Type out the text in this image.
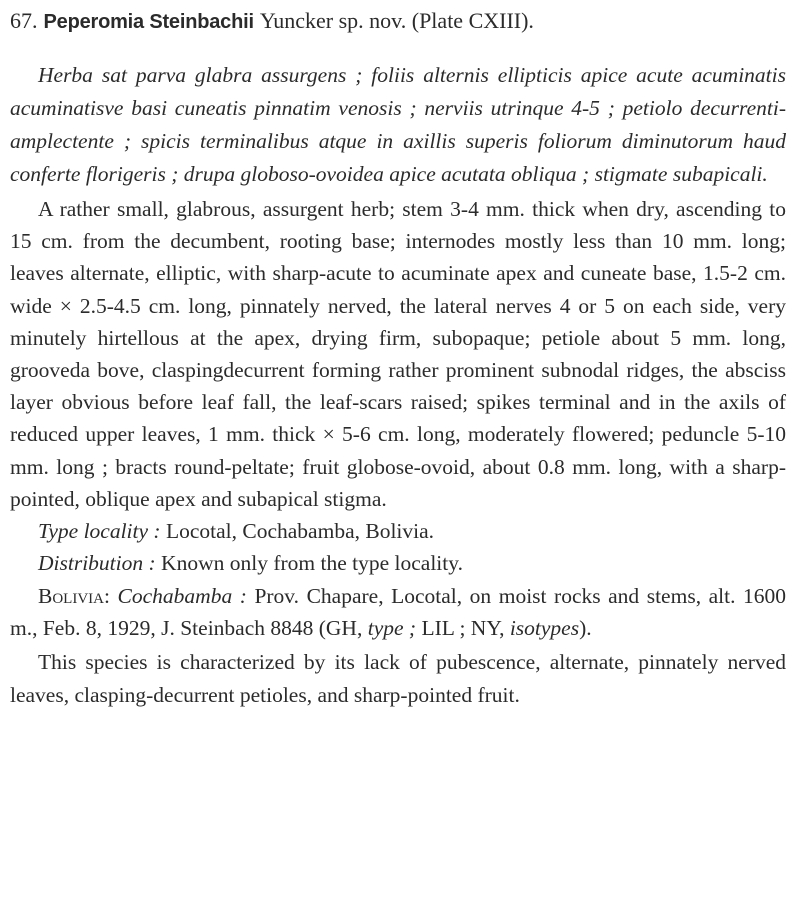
67. Peperomia Steinbachii Yuncker sp. nov. (Plate CXIII).

Herba sat parva glabra assurgens ; foliis alternis ellipticis apice acute acuminatis acuminatisve basi cuneatis pinnatim venosis ; nerviis utrinque 4-5 ; petiolo decurrenti-amplectente ; spicis terminalibus atque in axillis superis foliorum diminutorum haud conferte florigeris ; drupa globoso-ovoidea apice acutata obliqua ; stigmate subapicali.

A rather small, glabrous, assurgent herb; stem 3-4 mm. thick when dry, ascending to 15 cm. from the decumbent, rooting base; internodes mostly less than 10 mm. long; leaves alternate, elliptic, with sharp-acute to acuminate apex and cuneate base, 1.5-2 cm. wide × 2.5-4.5 cm. long, pinnately nerved, the lateral nerves 4 or 5 on each side, very minutely hirtellous at the apex, drying firm, subopaque; petiole about 5 mm. long, grooveda bove, claspingdecurrent forming rather prominent subnodal ridges, the absciss layer obvious before leaf fall, the leaf-scars raised; spikes terminal and in the axils of reduced upper leaves, 1 mm. thick × 5-6 cm. long, moderately flowered; peduncle 5-10 mm. long ; bracts round-peltate; fruit globose-ovoid, about 0.8 mm. long, with a sharp-pointed, oblique apex and subapical stigma.

Type locality : Locotal, Cochabamba, Bolivia.

Distribution : Known only from the type locality.

Bolivia: Cochabamba : Prov. Chapare, Locotal, on moist rocks and stems, alt. 1600 m., Feb. 8, 1929, J. Steinbach 8848 (GH, type ; LIL ; NY, isotypes).

This species is characterized by its lack of pubescence, alternate, pinnately nerved leaves, clasping-decurrent petioles, and sharp-pointed fruit.
